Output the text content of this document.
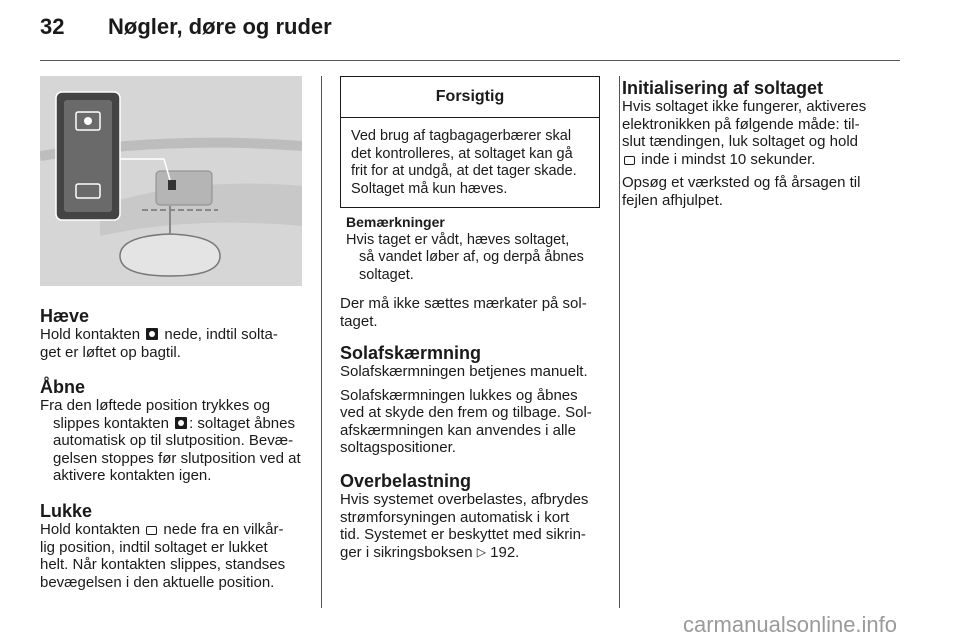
32 Nøgler, døre og ruder
Hæve

Hold kontakten nede, indtil solta-
get er løftet op bagtil.

Åbne

Fra den løftede position trykkes og
slippes kontakten : soltaget åbnes
automatisk op til slutposition. Bevæ-
gelsen stoppes før slutposition ved at
aktivere kontakten igen.

Lukke

Hold kontakten nede fra en vilkår-
lig position, indtil soltaget er lukket
helt. Når kontakten slippes, standses
bevægelsen i den aktuelle position.

Forsigtig
Ved brug af tagbagagerbærer skal
det kontrolleres, at soltaget kan gå
frit for at undgå, at det tager skade.
Soltaget må kun hæves.

Bemærkninger

Hvis taget er vådt, hæves soltaget,
så vandet løber af, og derpå åbnes
soltaget.

Der må ikke sættes mærkater på sol-
taget.

Solafskærmning

Solafskærmningen betjenes manuelt.

Solafskærmningen lukkes og åbnes
ved at skyde den frem og tilbage. Sol-
afskærmningen kan anvendes i alle
soltagspositioner.

Overbelastning

Hvis systemet overbelastes, afbrydes
strømforsyningen automatisk i kort
tid. Systemet er beskyttet med sikrin-
ger i sikringsboksen ▷ 192.

Initialisering af soltaget

Hvis soltaget ikke fungerer, aktiveres
elektronikken på følgende måde: til-
slut tændingen, luk soltaget og hold
inde i mindst 10 sekunder.

Opsøg et værksted og få årsagen til
fejlen afhjulpet.

carmanualsonline.info
